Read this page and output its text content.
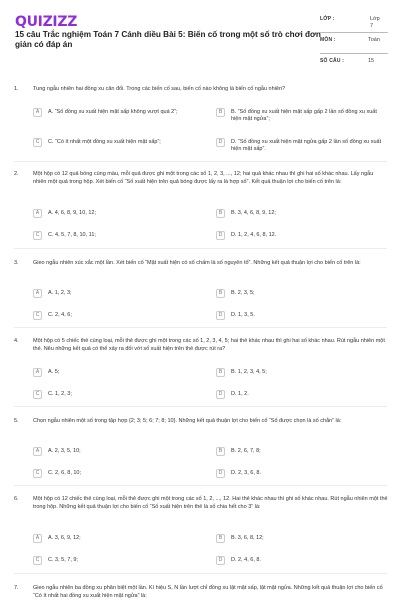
QUIZIZZ
15 câu Trắc nghiệm Toán 7 Cánh diều Bài 5: Biến cố trong một số trò chơi đơn giản có đáp án
LỚP :	Lớp 7
MÔN :	Toán
SỐ CÂU :	15
1.	Tung ngẫu nhiên hai đồng xu cân đối. Trong các biến cố sau, biến cố nào không là biến cố ngẫu nhiên?
A	A. “Số đồng xu xuất hiện mặt sấp không vượt quá 2”;	B	B. “Số đồng xu xuất hiện mặt sấp gấp 2 lần số đồng xu xuất hiện mặt ngửa”;
C	C. “Có ít nhất một đồng xu xuất hiện mặt sấp”;	D	D. “Số đồng xu xuất hiện mặt ngửa gấp 2 lần số đồng xu xuất hiện mặt sấp”.
2.	Một hộp có 12 quả bóng cùng màu, mỗi quả được ghi một trong các số 1, 2, 3, ..., 12; hai quả khác nhau thì ghi hai số khác nhau. Lấy ngẫu nhiên một quả trong hộp. Xét biến cố “Số xuất hiện trên quả bóng được lấy ra là hợp số”. Kết quả thuận lợi cho biến cố trên là:
A	A. 4, 6, 8, 9, 10, 12;	B	B. 3, 4, 6, 8, 9, 12;
C	C. 4, 5, 7, 8, 10, 11;	D	D. 1, 2, 4, 6, 8, 12.
3.	Gieo ngẫu nhiên xúc xắc một lần. Xét biến cố “Mặt xuất hiện có số chấm là số nguyên tố”. Những kết quả thuận lợi cho biến cố trên là:
A	A. 1, 2, 3;	B	B. 2, 3, 5;
C	C. 2, 4, 6;	D	D. 1, 3, 5.
4.	Một hộp có 5 chiếc thẻ cùng loại, mỗi thẻ được ghi một trong các số 1, 2, 3, 4, 5; hai thẻ khác nhau thì ghi hai số khác nhau. Rút ngẫu nhiên một thẻ. Nêu những kết quả có thể xảy ra đối với số xuất hiện trên thẻ được rút ra?
A	A. 5;	B	B. 1, 2, 3, 4, 5;
C	C. 1, 2, 3;	D	D. 1, 2.
5.	Chọn ngẫu nhiên một số trong tập hợp {2; 3; 5; 6; 7; 8; 10}. Những kết quả thuận lợi cho biến cố “Số được chọn là số chẵn” là:
A	A. 2, 3, 5, 10;	B	B. 2, 6, 7, 8;
C	C. 2, 6, 8, 10;	D	D. 2, 3, 6, 8.
6.	Một hộp có 12 chiếc thẻ cùng loại, mỗi thẻ được ghi một trong các số 1, 2, ..., 12. Hai thẻ khác nhau thì ghi số khác nhau. Rút ngẫu nhiên một thẻ trong hộp. Những kết quả thuận lợi cho biến cố “Số xuất hiện trên thẻ là số chia hết cho 3” là:
A	A. 3, 6, 9, 12;	B	B. 3, 6, 8, 12;
C	C. 3, 5, 7, 9;	D	D. 2, 4, 6, 8.
7.	Gieo ngẫu nhiên ba đồng xu phân biệt một lần. Kí hiệu S, N lần lượt chỉ đồng xu lật mặt sấp, lật mặt ngửa. Những kết quả thuận lợi cho biến cố “Có ít nhất hai đồng xu xuất hiện mặt ngửa” là:
